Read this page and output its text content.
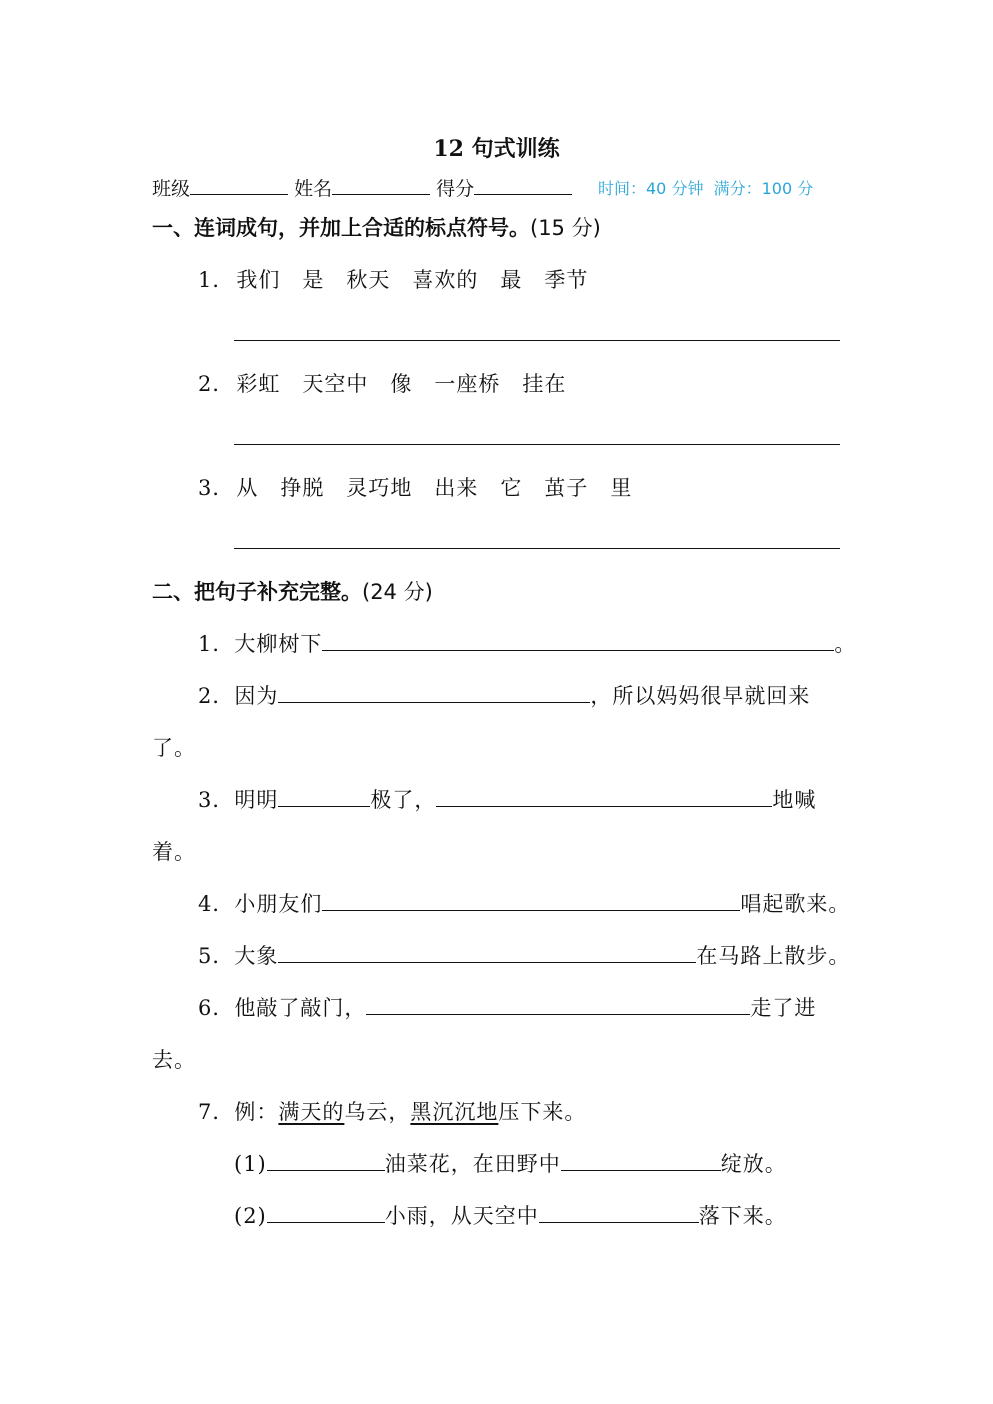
12 句式训练
班级	姓名	得分	时间：40 分钟 满分：100 分
一、连词成句，并加上合适的标点符号。(15 分)
1．我们 是 秋天 喜欢的 最 季节
2．彩虹 天空中 像 一座桥 挂在
3．从 挣脱 灵巧地 出来 它 茧子 里
二、把句子补充完整。(24 分)
1．大柳树下	。
2．因为	，所以妈妈很早就回来
了。
3．明明	极了，	地喊
着。
4．小朋友们	唱起歌来。
5．大象	在马路上散步。
6．他敲了敲门，	走了进
去。
7．例：满天的乌云，黑沉沉地压下来。
(1)	油菜花，在田野中	绽放。
(2)	小雨，从天空中	落下来。
